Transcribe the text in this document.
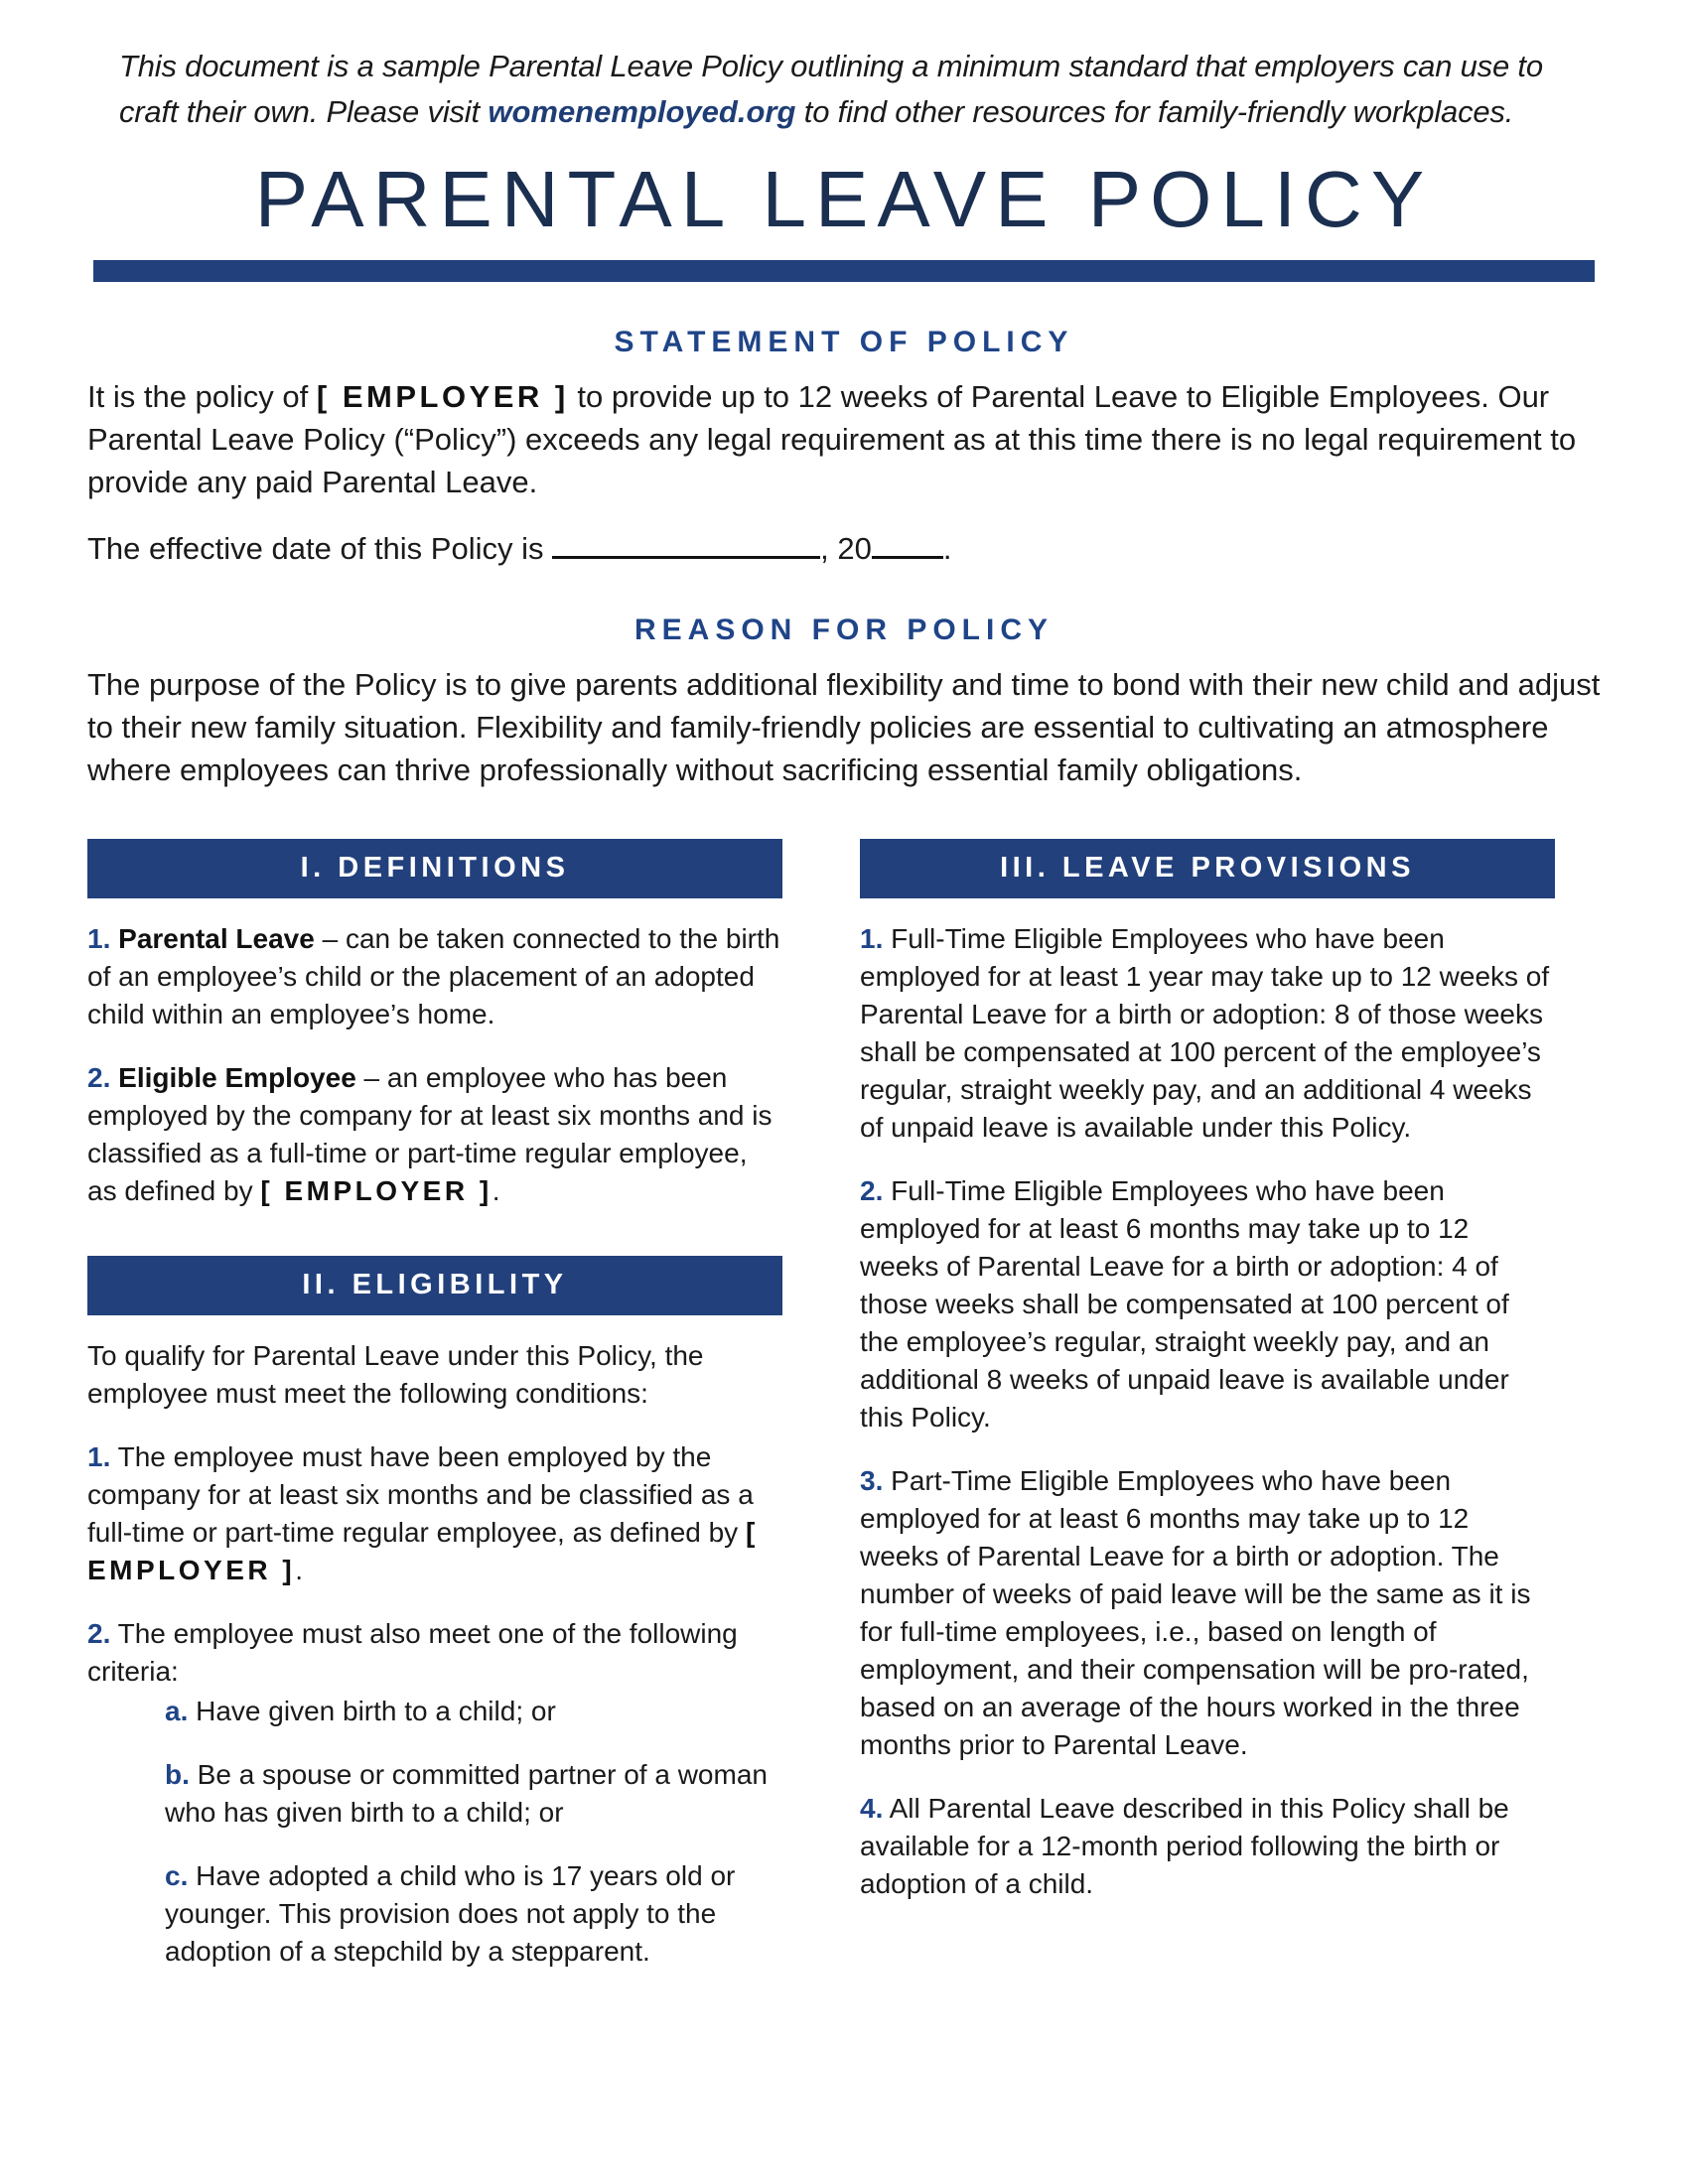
This document is a sample Parental Leave Policy outlining a minimum standard that employers can use to craft their own. Please visit womenemployed.org to find other resources for family-friendly workplaces.
PARENTAL LEAVE POLICY
STATEMENT OF POLICY

It is the policy of [ EMPLOYER ] to provide up to 12 weeks of Parental Leave to Eligible Employees. Our Parental Leave Policy (“Policy”) exceeds any legal requirement as at this time there is no legal requirement to provide any paid Parental Leave.

The effective date of this Policy is	, 20 .

REASON FOR POLICY

The purpose of the Policy is to give parents additional flexibility and time to bond with their new child and adjust to their new family situation. Flexibility and family-friendly policies are essential to cultivating an atmosphere where employees can thrive professionally without sacrificing essential family obligations.

I. DEFINITIONS

1. Parental Leave – can be taken connected to the birth of an employee’s child or the placement of an adopted child within an employee’s home.

2. Eligible Employee – an employee who has been employed by the company for at least six months and is classified as a full-time or part-time regular employee, as defined by [ EMPLOYER ].

II. ELIGIBILITY

To qualify for Parental Leave under this Policy, the employee must meet the following conditions:

1. The employee must have been employed by the company for at least six months and be classified as a full-time or part-time regular employee, as defined by [ EMPLOYER ].

2. The employee must also meet one of the following criteria:

a. Have given birth to a child; or

b. Be a spouse or committed partner of a woman who has given birth to a child; or

c. Have adopted a child who is 17 years old or younger. This provision does not apply to the adoption of a stepchild by a stepparent.

III. LEAVE PROVISIONS

1. Full-Time Eligible Employees who have been employed for at least 1 year may take up to 12 weeks of Parental Leave for a birth or adoption: 8 of those weeks shall be compensated at 100 percent of the employee’s regular, straight weekly pay, and an additional 4 weeks of unpaid leave is available under this Policy.

2. Full-Time Eligible Employees who have been employed for at least 6 months may take up to 12 weeks of Parental Leave for a birth or adoption: 4 of those weeks shall be compensated at 100 percent of the employee’s regular, straight weekly pay, and an additional 8 weeks of unpaid leave is available under this Policy.

3. Part-Time Eligible Employees who have been employed for at least 6 months may take up to 12 weeks of Parental Leave for a birth or adoption. The number of weeks of paid leave will be the same as it is for full-time employees, i.e., based on length of employment, and their compensation will be pro-rated, based on an average of the hours worked in the three months prior to Parental Leave.

4. All Parental Leave described in this Policy shall be available for a 12-month period following the birth or adoption of a child.
